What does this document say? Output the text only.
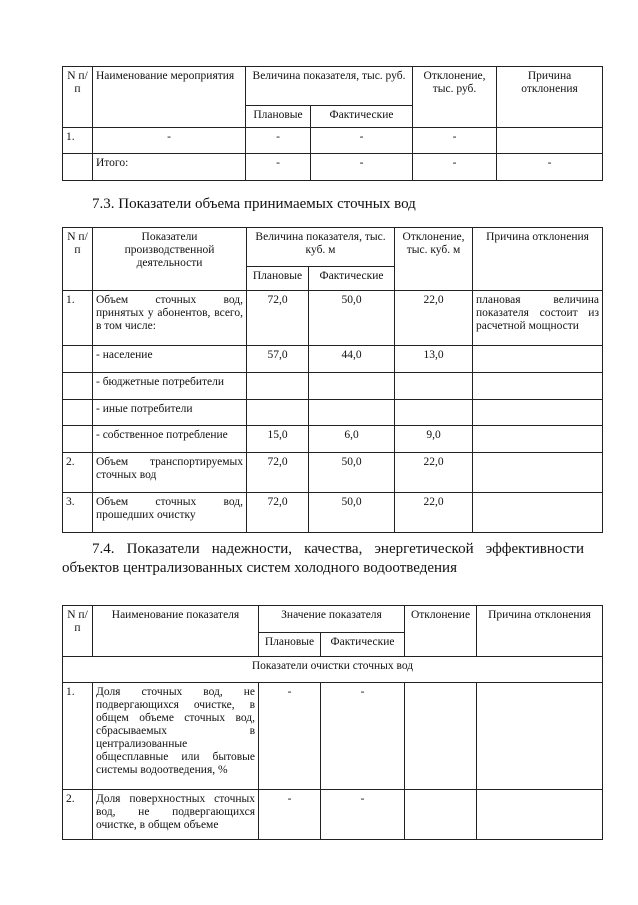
N п/п	Наименование мероприятия	Величина показателя, тыс. руб.		Отклонение, тыс. руб.	Причина отклонения
		Плановые	Фактические		
1.	-	-	-	-	
	Итого:	-	-	-	-
7.3. Показатели объема принимаемых сточных вод
N п/п	Показатели производственной деятельности	Величина показателя, тыс. куб. м		Отклонение, тыс. куб. м	Причина отклонения
		Плановые	Фактические		
1.	Объем сточных вод, принятых у абонентов, всего, в том числе:	72,0	50,0	22,0	плановая величина показателя состоит из расчетной мощности
	- население	57,0	44,0	13,0	
	- бюджетные потребители				
	- иные потребители				
	- собственное потребление	15,0	6,0	9,0	
2.	Объем транспортируемых сточных вод	72,0	50,0	22,0	
3.	Объем сточных вод, прошедших очистку	72,0	50,0	22,0	
7.4. Показатели надежности, качества, энергетической эффективности
объектов централизованных систем холодного водоотведения
N п/п	Наименование показателя	Значение показателя		Отклонение	Причина отклонения
		Плановые	Фактические		
Показатели очистки сточных вод					
1.	Доля сточных вод, не подвергающихся очистке, в общем объеме сточных вод, сбрасываемых в централизованные общесплавные или бытовые системы водоотведения, %	-	-		
2.	Доля поверхностных сточных вод, не подвергающихся очистке, в общем объеме	-	-		
